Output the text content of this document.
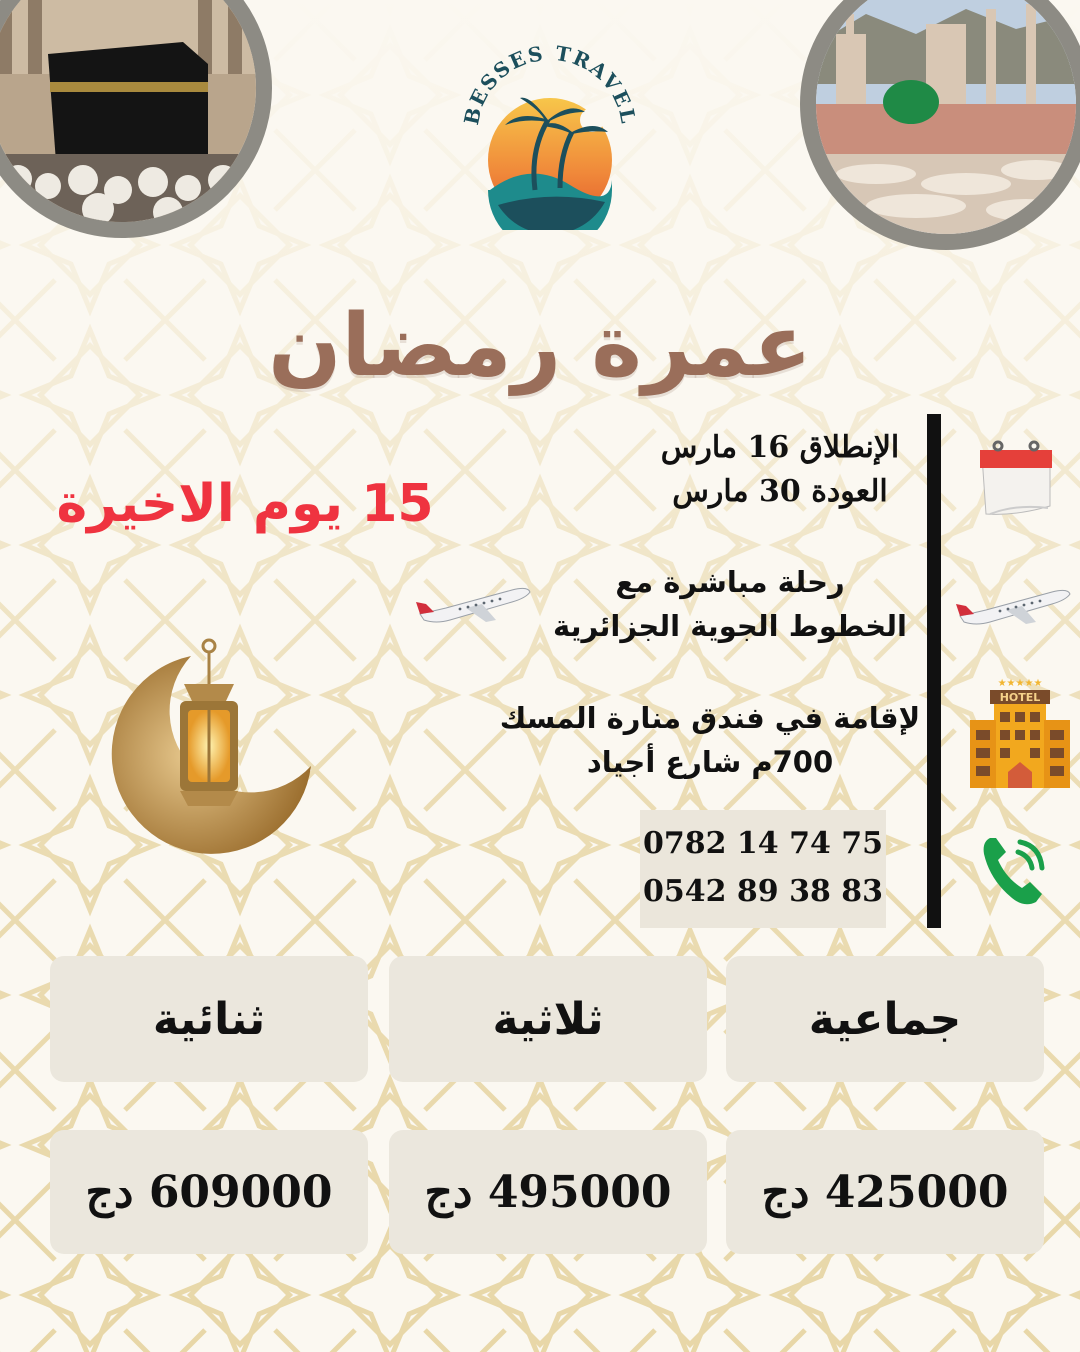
BESSES TRAVEL
عمرة رمضان
15 يوم الاخيرة
الإنطلاق 16 مارس
العودة 30 مارس
رحلة مباشرة مع
الخطوط الجوية الجزائرية
لإقامة في فندق منارة المسك
700م شارع أجياد
0782 14 74 75
0542 89 38 83
★★★★★
HOTEL
جماعية
ثلاثية
ثنائية
425000 دج
495000 دج
609000 دج
